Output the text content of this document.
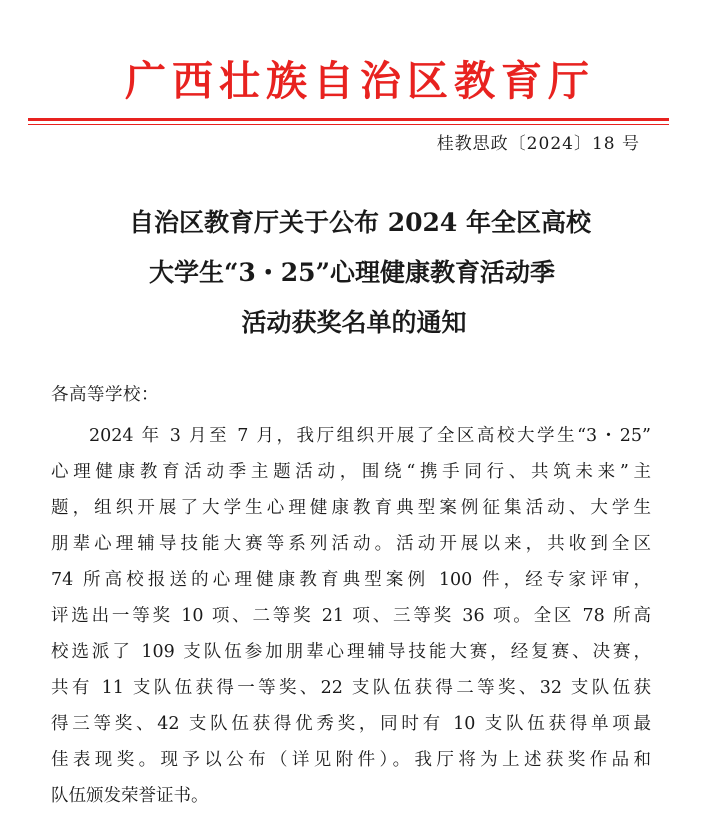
广西壮族自治区教育厅
桂教思政〔2024〕18 号
自治区教育厅关于公布 2024 年全区高校
大学生“3・25”心理健康教育活动季
活动获奖名单的通知
各高等学校：
2024 年 3 月至 7 月，我厅组织开展了全区高校大学生“3・25”
心理健康教育活动季主题活动，围绕“携手同行、共筑未来”主
题，组织开展了大学生心理健康教育典型案例征集活动、大学生
朋辈心理辅导技能大赛等系列活动。活动开展以来，共收到全区
74 所高校报送的心理健康教育典型案例 100 件，经专家评审，
评选出一等奖 10 项、二等奖 21 项、三等奖 36 项。全区 78 所高
校选派了 109 支队伍参加朋辈心理辅导技能大赛，经复赛、决赛，
共有 11 支队伍获得一等奖、22 支队伍获得二等奖、32 支队伍获
得三等奖、42 支队伍获得优秀奖，同时有 10 支队伍获得单项最
佳表现奖。现予以公布（详见附件）。我厅将为上述获奖作品和
队伍颁发荣誉证书。
